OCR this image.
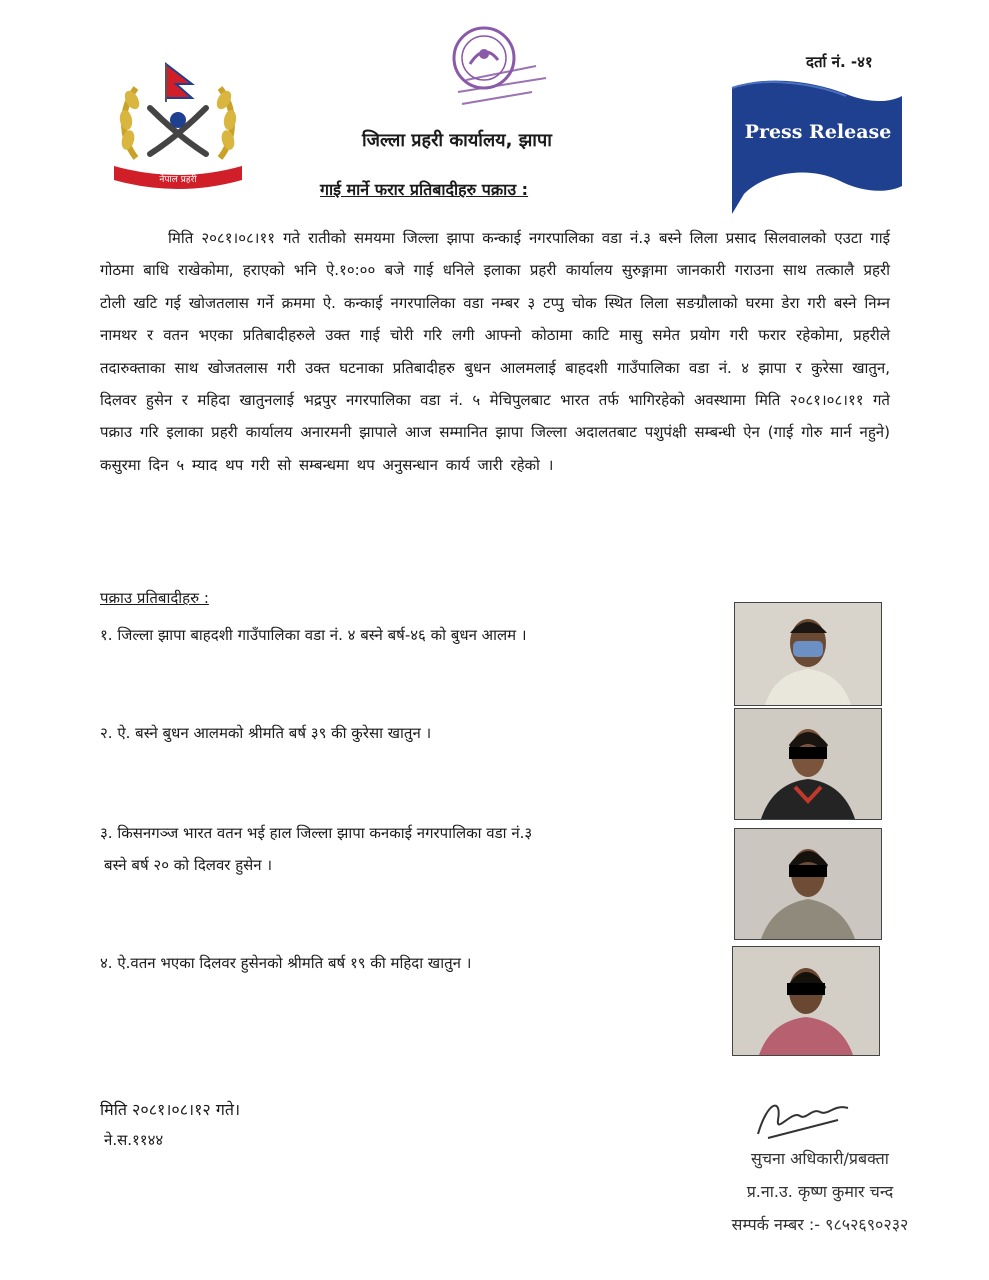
नेपाल प्रहरी
दर्ता नं. -४१
Press Release
जिल्ला प्रहरी कार्यालय, झापा
गाई मार्ने फरार प्रतिबादीहरु पक्राउ :
मिति २०८१।०८।११ गते रातीको समयमा जिल्ला झापा कन्काई नगरपालिका वडा नं.३ बस्ने लिला प्रसाद सिलवालको एउटा गाई गोठमा बाधि राखेकोमा, हराएको भनि ऐ.१०:०० बजे गाई धनिले इलाका प्रहरी कार्यालय सुरुङ्गामा जानकारी गराउना साथ तत्कालै प्रहरी टोली खटि गई खोजतलास गर्ने क्रममा ऐ. कन्काई नगरपालिका वडा नम्बर ३ टप्पु चोक स्थित लिला सङग्रौलाको घरमा डेरा गरी बस्ने निम्न नामथर र वतन भएका प्रतिबादीहरुले उक्त गाई चोरी गरि लगी आफ्नो कोठामा काटि मासु समेत प्रयोग गरी फरार रहेकोमा, प्रहरीले तदारुक्ताका साथ खोजतलास गरी उक्त घटनाका प्रतिबादीहरु बुधन आलमलाई बाहदशी गाउँपालिका वडा नं. ४ झापा र कुरेसा खातुन, दिलवर हुसेन र महिदा खातुनलाई भद्रपुर नगरपालिका वडा नं. ५ मेचिपुलबाट भारत तर्फ भागिरहेको अवस्थामा मिति २०८१।०८।११ गते पक्राउ गरि इलाका प्रहरी कार्यालय अनारमनी झापाले आज सम्मानित झापा जिल्ला अदालतबाट पशुपंक्षी सम्बन्धी ऐन (गाई गोरु मार्न नहुने) कसुरमा दिन ५ म्याद थप गरी सो सम्बन्धमा थप अनुसन्धान कार्य जारी रहेको ।
पक्राउ प्रतिबादीहरु :
१. जिल्ला झापा बाहदशी गाउँपालिका वडा नं. ४ बस्ने बर्ष-४६ को बुधन आलम ।
२. ऐ. बस्ने बुधन आलमको श्रीमति बर्ष ३९ की कुरेसा खातुन ।
३. किसनगञ्ज भारत वतन भई हाल जिल्ला झापा कनकाई नगरपालिका वडा नं.३
बस्ने बर्ष २० को दिलवर हुसेन ।
४. ऐ.वतन भएका दिलवर हुसेनको श्रीमति बर्ष १९ की महिदा खातुन ।
मिति २०८१।०८।१२ गते।
ने.स.११४४
सुचना अधिकारी/प्रबक्ता
प्र.ना.उ. कृष्ण कुमार चन्द
सम्पर्क नम्बर :- ९८५२६९०२३२
